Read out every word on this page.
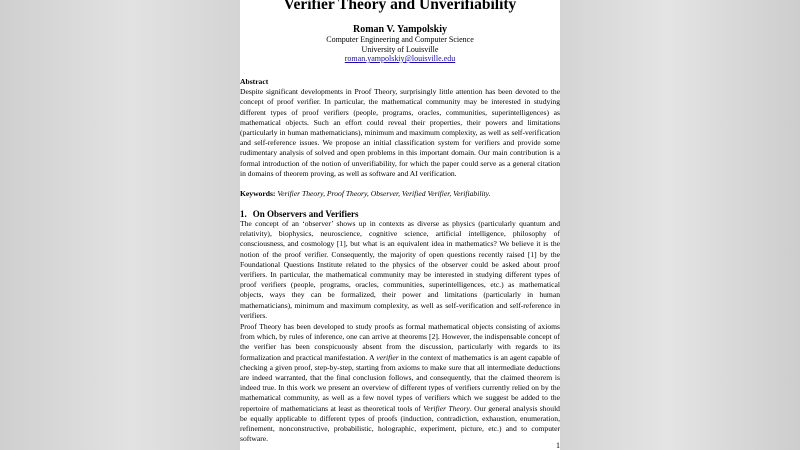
Verifier Theory and Unverifiability
Roman V. Yampolskiy
Computer Engineering and Computer Science
University of Louisville
roman.yampolskiy@louisville.edu
Abstract
Despite significant developments in Proof Theory, surprisingly little attention has been devoted to the concept of proof verifier. In particular, the mathematical community may be interested in studying different types of proof verifiers (people, programs, oracles, communities, superintelligences) as mathematical objects. Such an effort could reveal their properties, their powers and limitations (particularly in human mathematicians), minimum and maximum complexity, as well as self-verification and self-reference issues. We propose an initial classification system for verifiers and provide some rudimentary analysis of solved and open problems in this important domain. Our main contribution is a formal introduction of the notion of unverifiability, for which the paper could serve as a general citation in domains of theorem proving, as well as software and AI verification.
Keywords: Verifier Theory, Proof Theory, Observer, Verified Verifier, Verifiability.
1. On Observers and Verifiers
The concept of an ‘observer’ shows up in contexts as diverse as physics (particularly quantum and relativity), biophysics, neuroscience, cognitive science, artificial intelligence, philosophy of consciousness, and cosmology [1], but what is an equivalent idea in mathematics? We believe it is the notion of the proof verifier. Consequently, the majority of open questions recently raised [1] by the Foundational Questions Institute related to the physics of the observer could be asked about proof verifiers. In particular, the mathematical community may be interested in studying different types of proof verifiers (people, programs, oracles, communities, superintelligences, etc.) as mathematical objects, ways they can be formalized, their power and limitations (particularly in human mathematicians), minimum and maximum complexity, as well as self-verification and self-reference in verifiers.
Proof Theory has been developed to study proofs as formal mathematical objects consisting of axioms from which, by rules of inference, one can arrive at theorems [2]. However, the indispensable concept of the verifier has been conspicuously absent from the discussion, particularly with regards to its formalization and practical manifestation. A verifier in the context of mathematics is an agent capable of checking a given proof, step-by-step, starting from axioms to make sure that all intermediate deductions are indeed warranted, that the final conclusion follows, and consequently, that the claimed theorem is indeed true. In this work we present an overview of different types of verifiers currently relied on by the mathematical community, as well as a few novel types of verifiers which we suggest be added to the repertoire of mathematicians at least as theoretical tools of Verifier Theory. Our general analysis should be equally applicable to different types of proofs (induction, contradiction, exhaustion, enumeration, refinement, nonconstructive, probabilistic, holographic, experiment, picture, etc.) and to computer software.
1
